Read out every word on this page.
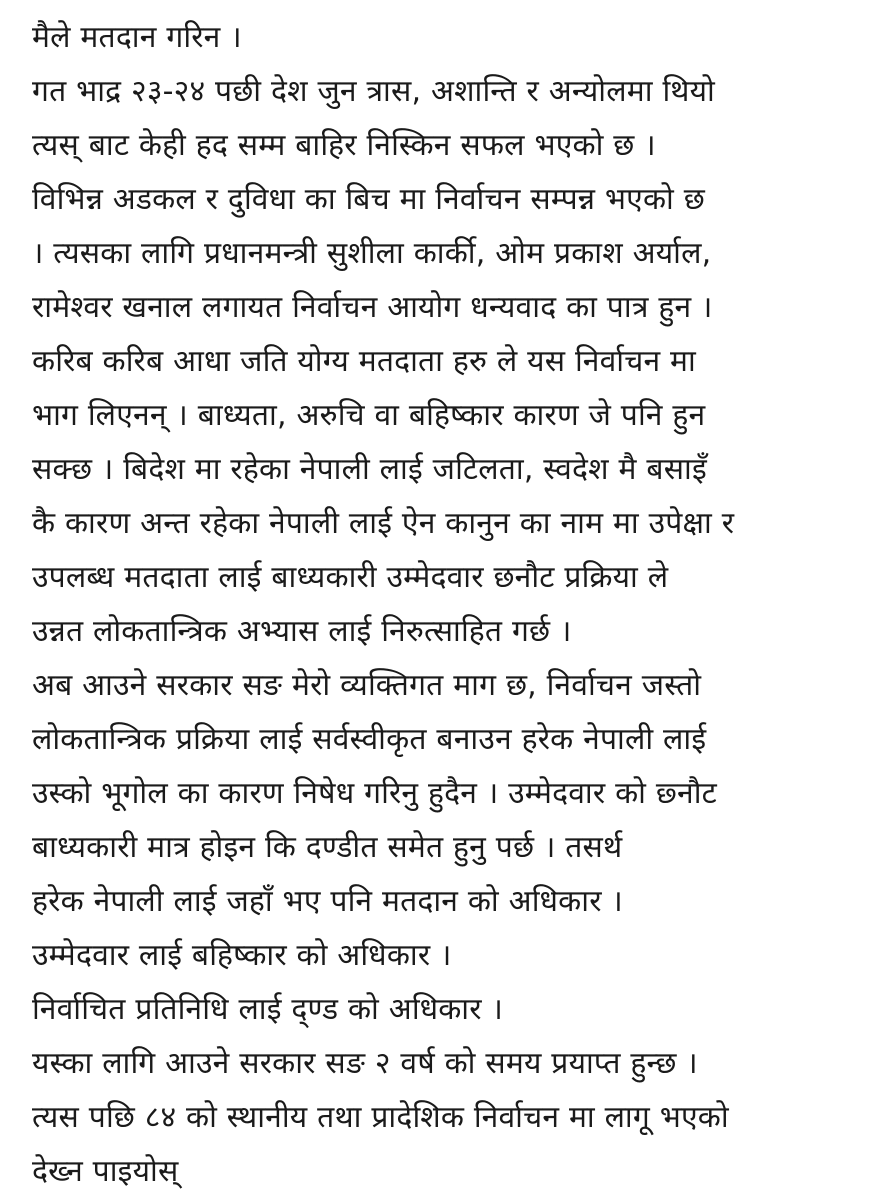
मैले मतदान गरिन ।
गत भाद्र २३-२४ पछी देश जुन त्रास, अशान्ति र अन्योलमा थियो
त्यस् बाट केही हद सम्म बाहिर निस्किन सफल भएको छ ।
विभिन्न अडकल र दुविधा का बिच मा निर्वाचन सम्पन्न भएको छ
। त्यसका लागि प्रधानमन्त्री सुशीला कार्की, ओम प्रकाश अर्याल,
रामेश्वर खनाल लगायत निर्वाचन आयोग धन्यवाद का पात्र हुन ।
करिब करिब आधा जति योग्य मतदाता हरु ले यस निर्वाचन मा
भाग लिएनन् । बाध्यता, अरुचि वा बहिष्कार कारण जे पनि हुन
सक्छ । बिदेश मा रहेका नेपाली लाई जटिलता, स्वदेश मै बसाइँ
कै कारण अन्त रहेका नेपाली लाई ऐन कानुन का नाम मा उपेक्षा र
उपलब्ध मतदाता लाई बाध्यकारी उम्मेदवार छनौट प्रक्रिया ले
उन्नत लोकतान्त्रिक अभ्यास लाई निरुत्साहित गर्छ ।
अब आउने सरकार सङ मेरो व्यक्तिगत माग छ, निर्वाचन जस्तो
लोकतान्त्रिक प्रक्रिया लाई सर्वस्वीकृत बनाउन हरेक नेपाली लाई
उस्को भूगोल का कारण निषेध गरिनु हुदैन । उम्मेदवार को छ्नौट
बाध्यकारी मात्र होइन कि दण्डीत समेत हुनु पर्छ । तसर्थ
हरेक नेपाली लाई जहाँ भए पनि मतदान को अधिकार ।
उम्मेदवार लाई बहिष्कार को अधिकार ।
निर्वाचित प्रतिनिधि लाई द्ण्ड को अधिकार ।
यस्का लागि आउने सरकार सङ २ वर्ष को समय प्रयाप्त हुन्छ ।
त्यस पछि ८४ को स्थानीय तथा प्रादेशिक निर्वाचन मा लागू भएको
देख्न पाइयोस्
